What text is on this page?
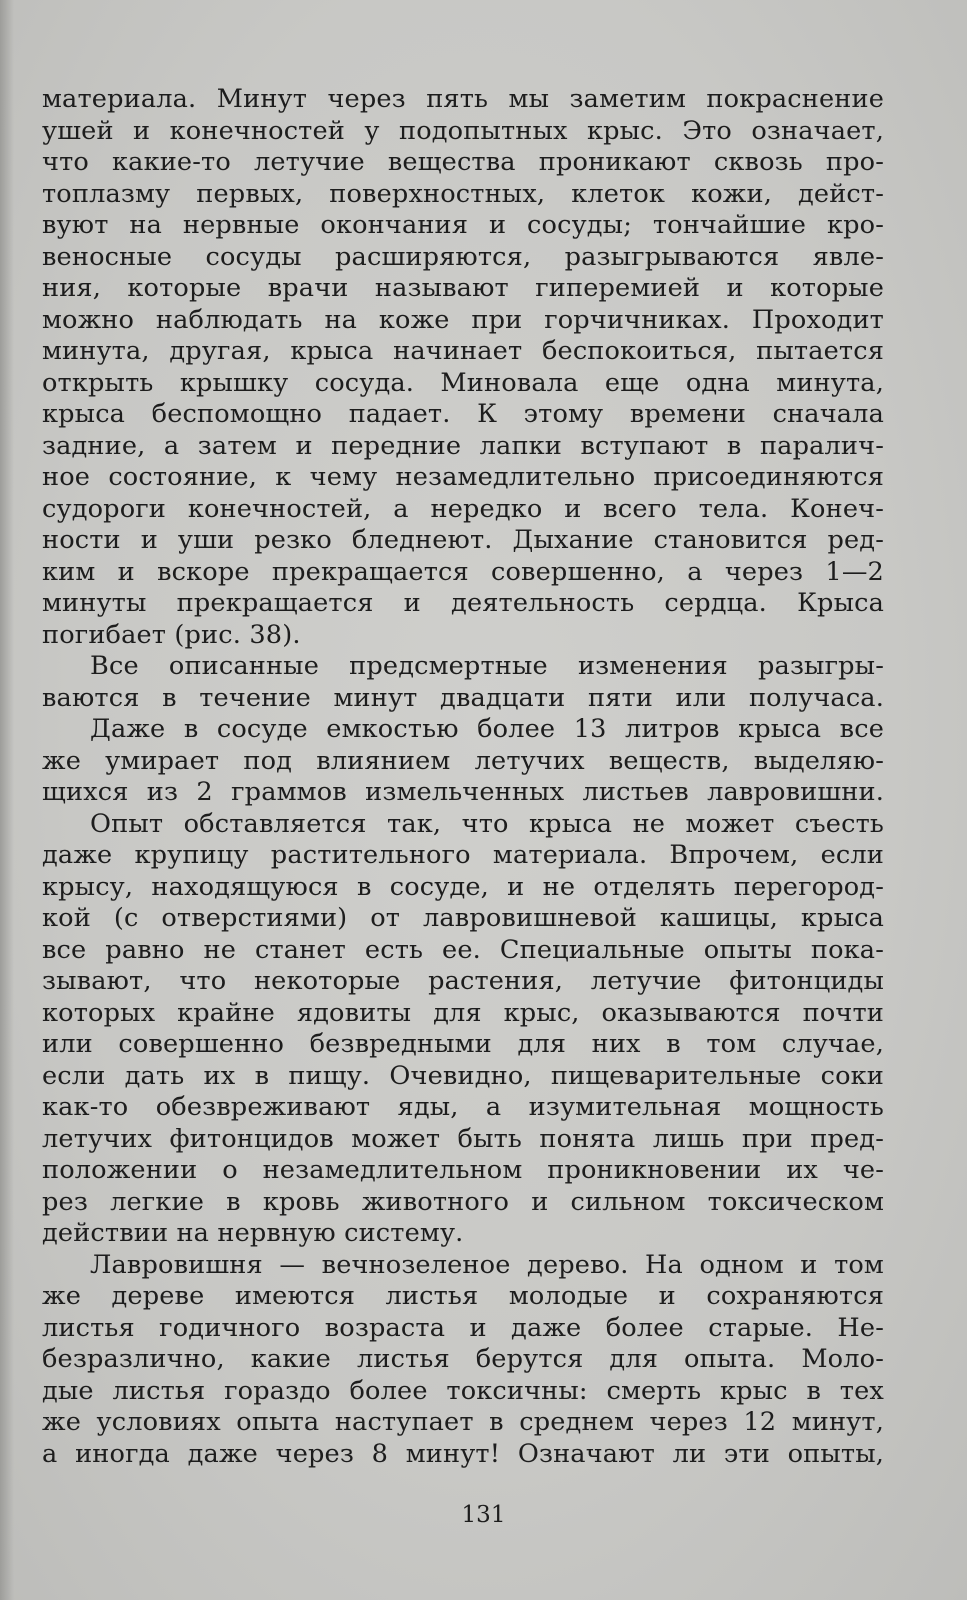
материала. Минут через пять мы заметим покраснение
ушей и конечностей у подопытных крыс. Это означает,
что какие-то летучие вещества проникают сквозь про-
топлазму первых, поверхностных, клеток кожи, дейст-
вуют на нервные окончания и сосуды; тончайшие кро-
веносные сосуды расширяются, разыгрываются явле-
ния, которые врачи называют гиперемией и которые
можно наблюдать на коже при горчичниках. Проходит
минута, другая, крыса начинает беспокоиться, пытается
открыть крышку сосуда. Миновала еще одна минута,
крыса беспомощно падает. К этому времени сначала
задние, а затем и передние лапки вступают в паралич-
ное состояние, к чему незамедлительно присоединяются
судороги конечностей, а нередко и всего тела. Конеч-
ности и уши резко бледнеют. Дыхание становится ред-
ким и вскоре прекращается совершенно, а через 1—2
минуты прекращается и деятельность сердца. Крыса
погибает (рис. 38).
Все описанные предсмертные изменения разыгры-
ваются в течение минут двадцати пяти или получаса.
Даже в сосуде емкостью более 13 литров крыса все
же умирает под влиянием летучих веществ, выделяю-
щихся из 2 граммов измельченных листьев лавровишни.
Опыт обставляется так, что крыса не может съесть
даже крупицу растительного материала. Впрочем, если
крысу, находящуюся в сосуде, и не отделять перегород-
кой (с отверстиями) от лавровишневой кашицы, крыса
все равно не станет есть ее. Специальные опыты пока-
зывают, что некоторые растения, летучие фитонциды
которых крайне ядовиты для крыс, оказываются почти
или совершенно безвредными для них в том случае,
если дать их в пищу. Очевидно, пищеварительные соки
как-то обезвреживают яды, а изумительная мощность
летучих фитонцидов может быть понята лишь при пред-
положении о незамедлительном проникновении их че-
рез легкие в кровь животного и сильном токсическом
действии на нервную систему.
Лавровишня — вечнозеленое дерево. На одном и том
же дереве имеются листья молодые и сохраняются
листья годичного возраста и даже более старые. Не-
безразлично, какие листья берутся для опыта. Моло-
дые листья гораздо более токсичны: смерть крыс в тех
же условиях опыта наступает в среднем через 12 минут,
а иногда даже через 8 минут! Означают ли эти опыты,
131
